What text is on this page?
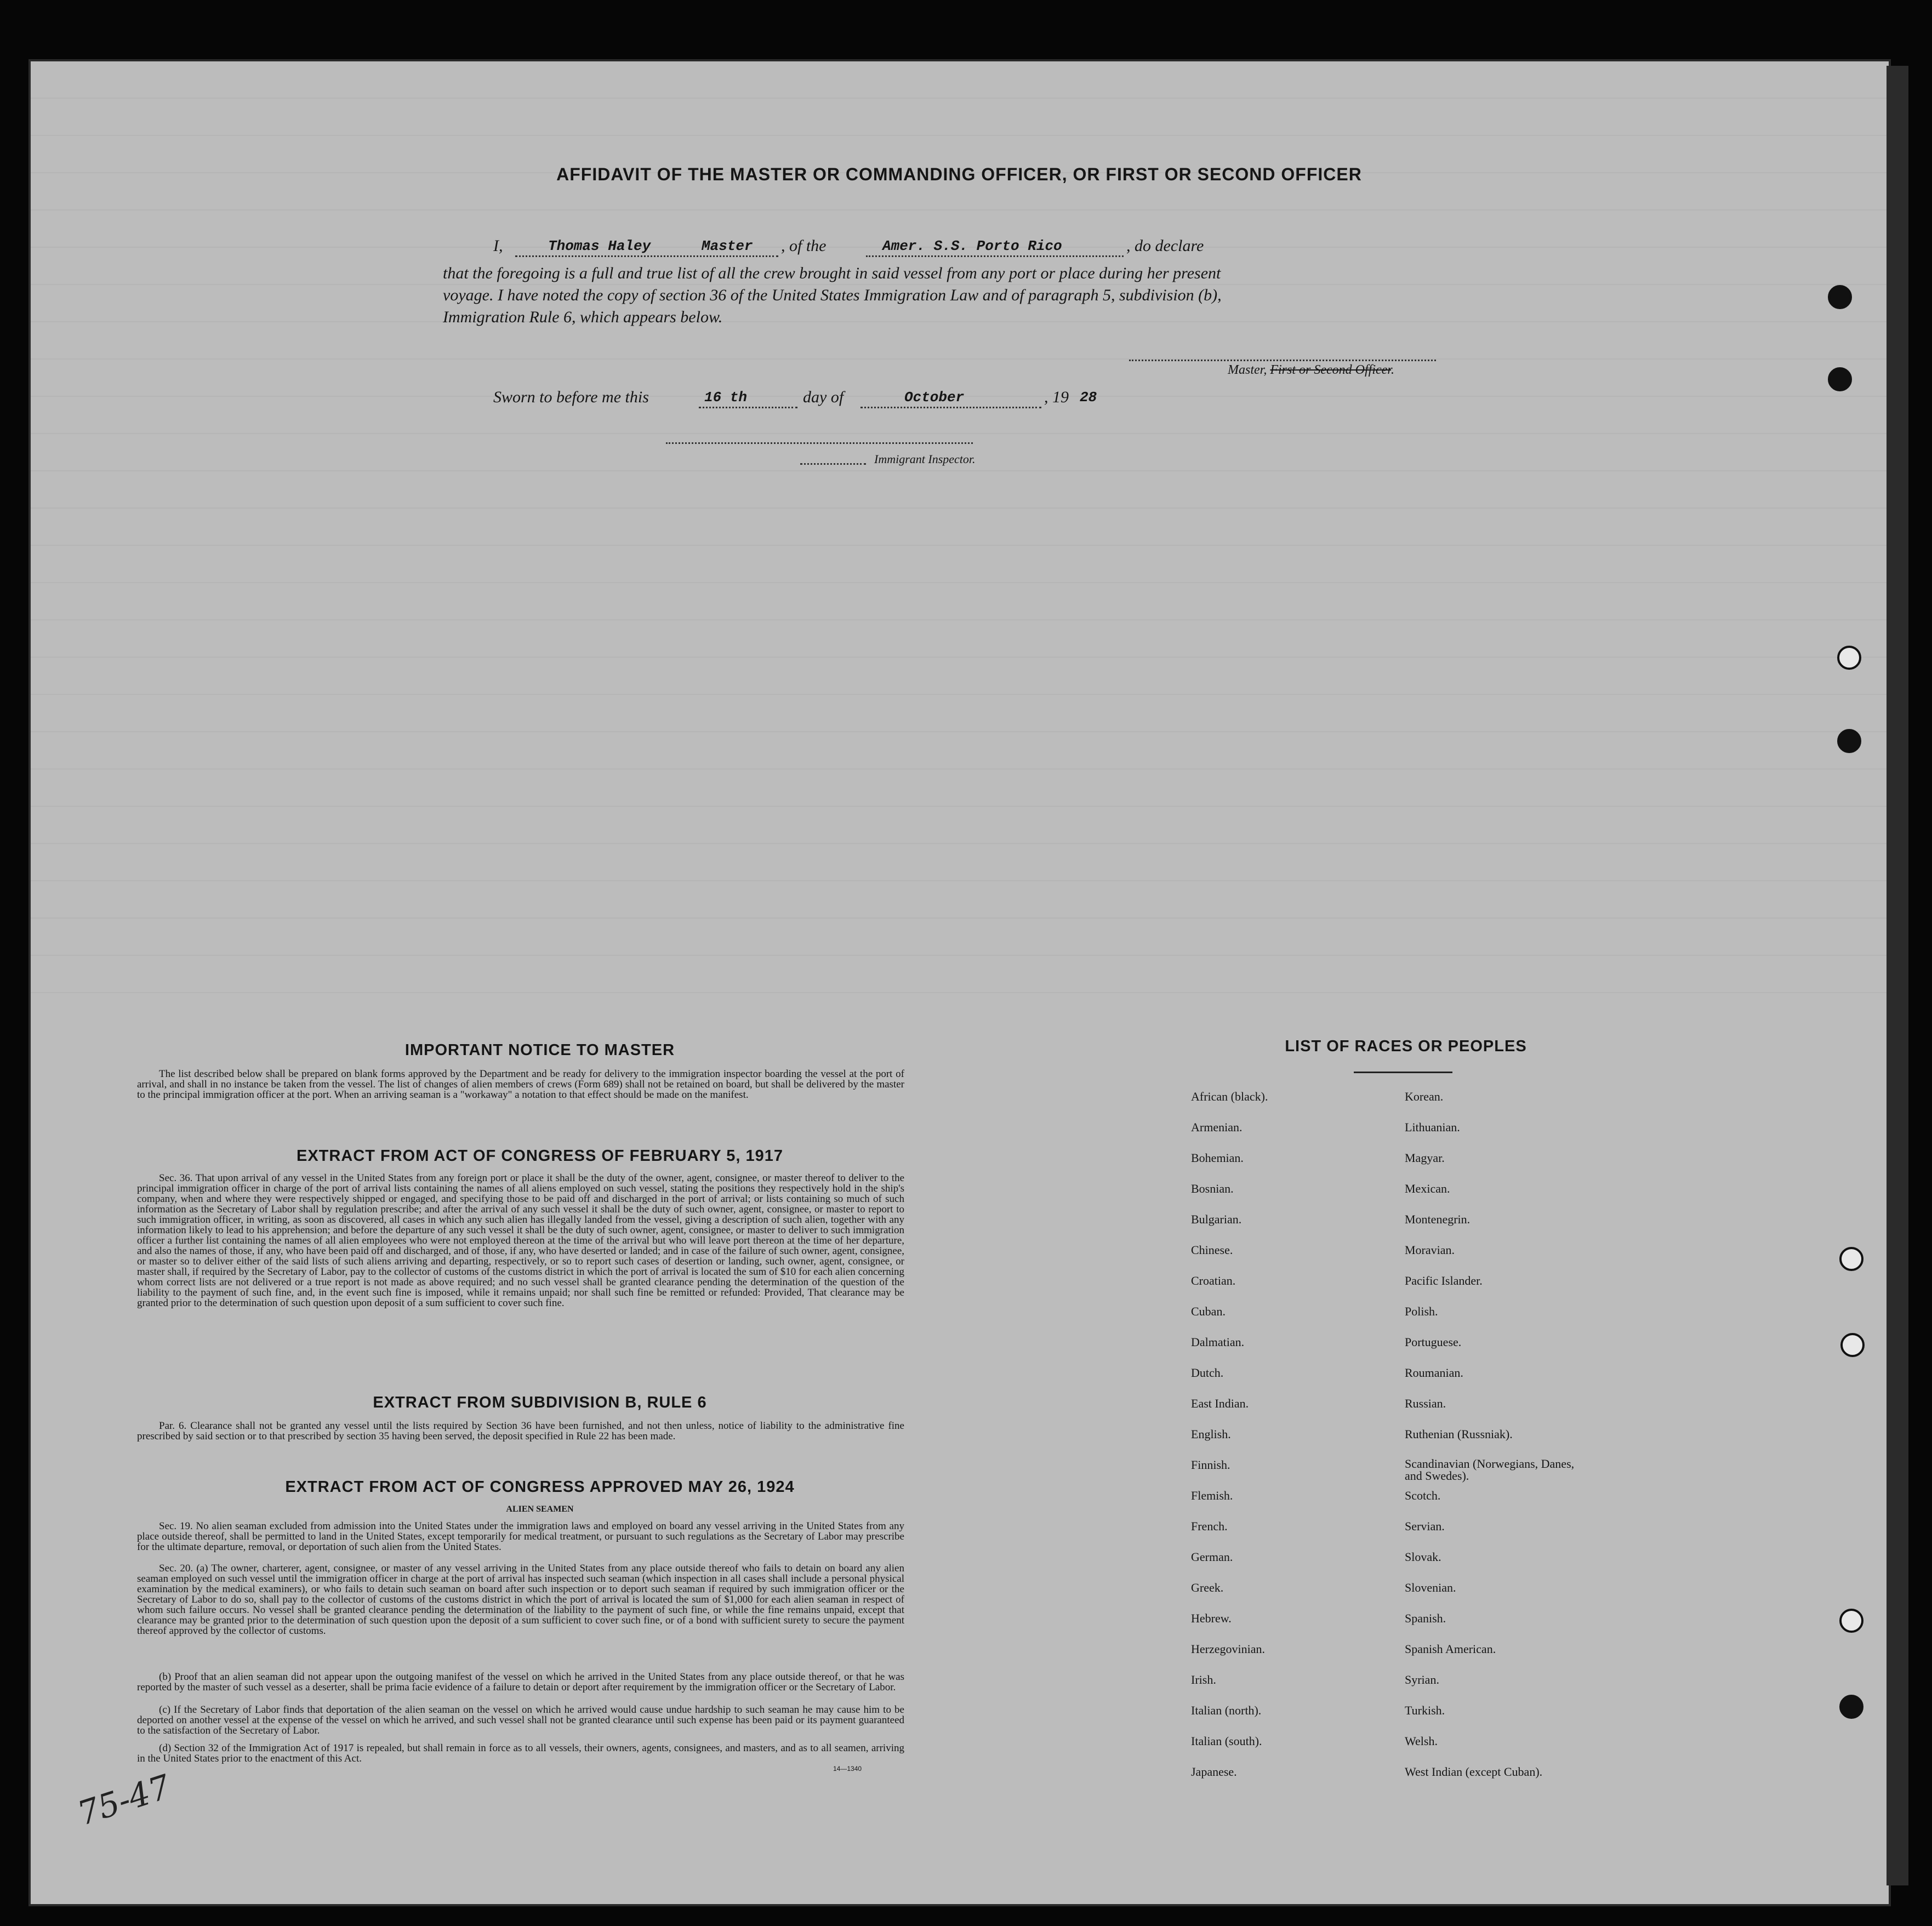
AFFIDAVIT OF THE MASTER OR COMMANDING OFFICER, OR FIRST OR SECOND OFFICER
I,	Thomas Haley	Master , of the	Amer. S.S. Porto Rico	, do declare
that the foregoing is a full and true list of all the crew brought in said vessel from any port or place during her present
voyage. I have noted the copy of section 36 of the United States Immigration Law and of paragraph 5, subdivision (b),
Immigration Rule 6, which appears below.
Master, First or Second Officer.
Sworn to before me this	16 th	day of	October	, 19 28
Immigrant Inspector.
IMPORTANT NOTICE TO MASTER
The list described below shall be prepared on blank forms approved by the Department and be ready for delivery to the immigration inspector boarding the vessel at the port of arrival, and shall in no instance be taken from the vessel. The list of changes of alien members of crews (Form 689) shall not be retained on board, but shall be delivered by the master to the principal immigration officer at the port. When an arriving seaman is a "workaway" a notation to that effect should be made on the manifest.
EXTRACT FROM ACT OF CONGRESS OF FEBRUARY 5, 1917
Sec. 36. That upon arrival of any vessel in the United States from any foreign port or place it shall be the duty of the owner, agent, consignee, or master thereof to deliver to the principal immigration officer in charge of the port of arrival lists containing the names of all aliens employed on such vessel, stating the positions they respectively hold in the ship's company, when and where they were respectively shipped or engaged, and specifying those to be paid off and discharged in the port of arrival; or lists containing so much of such information as the Secretary of Labor shall by regulation prescribe; and after the arrival of any such vessel it shall be the duty of such owner, agent, consignee, or master to report to such immigration officer, in writing, as soon as discovered, all cases in which any such alien has illegally landed from the vessel, giving a description of such alien, together with any information likely to lead to his apprehension; and before the departure of any such vessel it shall be the duty of such owner, agent, consignee, or master to deliver to such immigration officer a further list containing the names of all alien employees who were not employed thereon at the time of the arrival but who will leave port thereon at the time of her departure, and also the names of those, if any, who have been paid off and discharged, and of those, if any, who have deserted or landed; and in case of the failure of such owner, agent, consignee, or master so to deliver either of the said lists of such aliens arriving and departing, respectively, or so to report such cases of desertion or landing, such owner, agent, consignee, or master shall, if required by the Secretary of Labor, pay to the collector of customs of the customs district in which the port of arrival is located the sum of $10 for each alien concerning whom correct lists are not delivered or a true report is not made as above required; and no such vessel shall be granted clearance pending the determination of the question of the liability to the payment of such fine, and, in the event such fine is imposed, while it remains unpaid; nor shall such fine be remitted or refunded: Provided, That clearance may be granted prior to the determination of such question upon deposit of a sum sufficient to cover such fine.
EXTRACT FROM SUBDIVISION B, RULE 6
Par. 6. Clearance shall not be granted any vessel until the lists required by Section 36 have been furnished, and not then unless, notice of liability to the administrative fine prescribed by said section or to that prescribed by section 35 having been served, the deposit specified in Rule 22 has been made.
EXTRACT FROM ACT OF CONGRESS APPROVED MAY 26, 1924
ALIEN SEAMEN
Sec. 19. No alien seaman excluded from admission into the United States under the immigration laws and employed on board any vessel arriving in the United States from any place outside thereof, shall be permitted to land in the United States, except temporarily for medical treatment, or pursuant to such regulations as the Secretary of Labor may prescribe for the ultimate departure, removal, or deportation of such alien from the United States.
Sec. 20. (a) The owner, charterer, agent, consignee, or master of any vessel arriving in the United States from any place outside thereof who fails to detain on board any alien seaman employed on such vessel until the immigration officer in charge at the port of arrival has inspected such seaman (which inspection in all cases shall include a personal physical examination by the medical examiners), or who fails to detain such seaman on board after such inspection or to deport such seaman if required by such immigration officer or the Secretary of Labor to do so, shall pay to the collector of customs of the customs district in which the port of arrival is located the sum of $1,000 for each alien seaman in respect of whom such failure occurs. No vessel shall be granted clearance pending the determination of the liability to the payment of such fine, or while the fine remains unpaid, except that clearance may be granted prior to the determination of such question upon the deposit of a sum sufficient to cover such fine, or of a bond with sufficient surety to secure the payment thereof approved by the collector of customs.
(b) Proof that an alien seaman did not appear upon the outgoing manifest of the vessel on which he arrived in the United States from any place outside thereof, or that he was reported by the master of such vessel as a deserter, shall be prima facie evidence of a failure to detain or deport after requirement by the immigration officer or the Secretary of Labor.
(c) If the Secretary of Labor finds that deportation of the alien seaman on the vessel on which he arrived would cause undue hardship to such seaman he may cause him to be deported on another vessel at the expense of the vessel on which he arrived, and such vessel shall not be granted clearance until such expense has been paid or its payment guaranteed to the satisfaction of the Secretary of Labor.
(d) Section 32 of the Immigration Act of 1917 is repealed, but shall remain in force as to all vessels, their owners, agents, consignees, and masters, and as to all seamen, arriving in the United States prior to the enactment of this Act.
14—1340
75-47
LIST OF RACES OR PEOPLES
African (black).
Armenian.
Bohemian.
Bosnian.
Bulgarian.
Chinese.
Croatian.
Cuban.
Dalmatian.
Dutch.
East Indian.
English.
Finnish.
Flemish.
French.
German.
Greek.
Hebrew.
Herzegovinian.
Irish.
Italian (north).
Italian (south).
Japanese.
Korean.
Lithuanian.
Magyar.
Mexican.
Montenegrin.
Moravian.
Pacific Islander.
Polish.
Portuguese.
Roumanian.
Russian.
Ruthenian (Russniak).
Scandinavian (Norwegians, Danes, and Swedes).
Scotch.
Servian.
Slovak.
Slovenian.
Spanish.
Spanish American.
Syrian.
Turkish.
Welsh.
West Indian (except Cuban).
